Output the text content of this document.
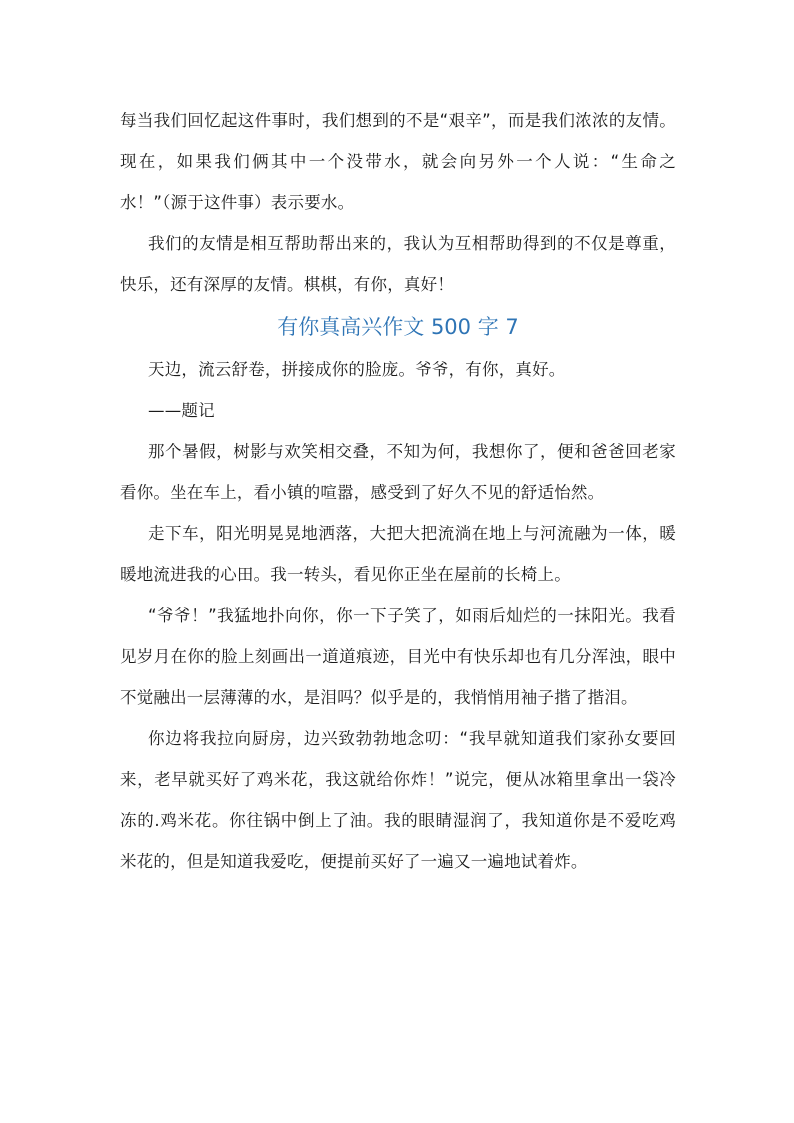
每当我们回忆起这件事时，我们想到的不是“艰辛”，而是我们浓浓的友情。现在，如果我们俩其中一个没带水，就会向另外一个人说：“生命之水！”（源于这件事）表示要水。

我们的友情是相互帮助帮出来的，我认为互相帮助得到的不仅是尊重，快乐，还有深厚的友情。棋棋，有你，真好！

有你真高兴作文 500 字 7

天边，流云舒卷，拼接成你的脸庞。爷爷，有你，真好。

——题记

那个暑假，树影与欢笑相交叠，不知为何，我想你了，便和爸爸回老家看你。坐在车上，看小镇的喧嚣，感受到了好久不见的舒适怡然。

走下车，阳光明晃晃地洒落，大把大把流淌在地上与河流融为一体，暖暖地流进我的心田。我一转头，看见你正坐在屋前的长椅上。

“爷爷！”我猛地扑向你，你一下子笑了，如雨后灿烂的一抹阳光。我看见岁月在你的脸上刻画出一道道痕迹，目光中有快乐却也有几分浑浊，眼中不觉融出一层薄薄的水，是泪吗？似乎是的，我悄悄用袖子揩了揩泪。

你边将我拉向厨房，边兴致勃勃地念叨：“我早就知道我们家孙女要回来，老早就买好了鸡米花，我这就给你炸！”说完，便从冰箱里拿出一袋冷冻的.鸡米花。你往锅中倒上了油。我的眼睛湿润了，我知道你是不爱吃鸡米花的，但是知道我爱吃，便提前买好了一遍又一遍地试着炸。
